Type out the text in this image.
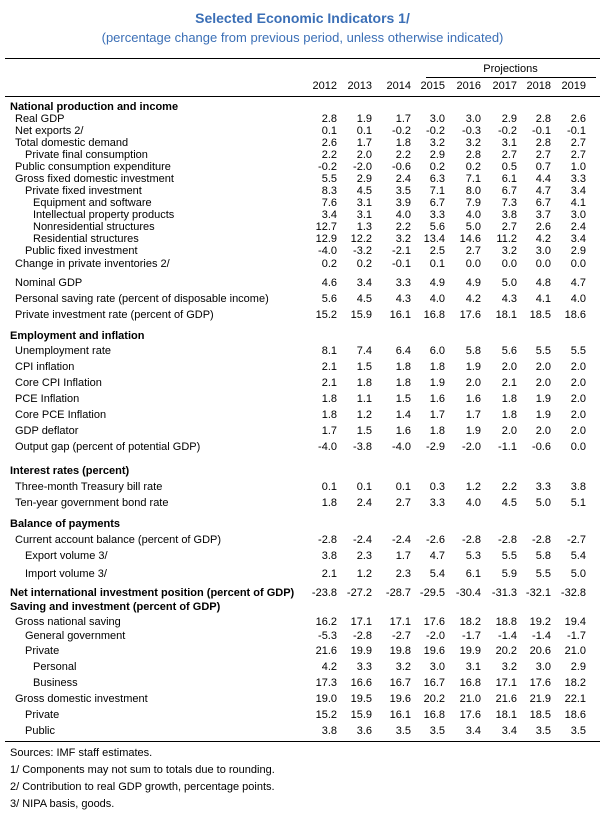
Selected Economic Indicators 1/
(percentage change from previous period, unless otherwise indicated)
Projections
2012 2013	2014 2015	2016	2017 2018 2019
National production and income
Real GDP	2.8	1.9	1.7	3.0	3.0	2.9	2.8	2.6
Net exports 2/	0.1	0.1	-0.2	-0.2	-0.3	-0.2	-0.1	-0.1
Total domestic demand	2.6	1.7	1.8	3.2	3.2	3.1	2.8	2.7
Private final consumption	2.2	2.0	2.2	2.9	2.8	2.7	2.7	2.7
Public consumption expenditure	-0.2	-2.0	-0.6	0.2	0.2	0.5	0.7	1.0
Gross fixed domestic investment	5.5	2.9	2.4	6.3	7.1	6.1	4.4	3.3
Private fixed investment	8.3	4.5	3.5	7.1	8.0	6.7	4.7	3.4
Equipment and software	7.6	3.1	3.9	6.7	7.9	7.3	6.7	4.1
Intellectual property products	3.4	3.1	4.0	3.3	4.0	3.8	3.7	3.0
Nonresidential structures	12.7	1.3	2.2	5.6	5.0	2.7	2.6	2.4
Residential structures	12.9	12.2	3.2	13.4	14.6	11.2	4.2	3.4
Public fixed investment	-4.0	-3.2	-2.1	2.5	2.7	3.2	3.0	2.9
Change in private inventories 2/	0.2	0.2	-0.1	0.1	0.0	0.0	0.0	0.0
Nominal GDP	4.6	3.4	3.3	4.9	4.9	5.0	4.8	4.7
Personal saving rate (percent of disposable income)	5.6	4.5	4.3	4.0	4.2	4.3	4.1	4.0
Private investment rate (percent of GDP)	15.2	15.9	16.1	16.8	17.6	18.1	18.5	18.6
Employment and inflation
Unemployment rate	8.1	7.4	6.4	6.0	5.8	5.6	5.5	5.5
CPI inflation	2.1	1.5	1.8	1.8	1.9	2.0	2.0	2.0
Core CPI Inflation	2.1	1.8	1.8	1.9	2.0	2.1	2.0	2.0
PCE Inflation	1.8	1.1	1.5	1.6	1.6	1.8	1.9	2.0
Core PCE Inflation	1.8	1.2	1.4	1.7	1.7	1.8	1.9	2.0
GDP deflator	1.7	1.5	1.6	1.8	1.9	2.0	2.0	2.0
Output gap (percent of potential GDP)	-4.0	-3.8	-4.0	-2.9	-2.0	-1.1	-0.6	0.0
Interest rates (percent)
Three-month Treasury bill rate	0.1	0.1	0.1	0.3	1.2	2.2	3.3	3.8
Ten-year government bond rate	1.8	2.4	2.7	3.3	4.0	4.5	5.0	5.1
Balance of payments
Current account balance (percent of GDP)	-2.8	-2.4	-2.4	-2.6	-2.8	-2.8	-2.8	-2.7
Export volume 3/	3.8	2.3	1.7	4.7	5.3	5.5	5.8	5.4
Import volume 3/	2.1	1.2	2.3	5.4	6.1	5.9	5.5	5.0
Net international investment position (percent of GDP)	-23.8 -27.2	-28.7 -29.5 -30.4 -31.3 -32.1 -32.8
Saving and investment (percent of GDP)
Gross national saving	16.2	17.1	17.1	17.6	18.2	18.8	19.2	19.4
General government	-5.3	-2.8	-2.7	-2.0	-1.7	-1.4	-1.4	-1.7
Private	21.6	19.9	19.8	19.6	19.9	20.2	20.6	21.0
Personal	4.2	3.3	3.2	3.0	3.1	3.2	3.0	2.9
Business	17.3	16.6	16.7	16.7	16.8	17.1	17.6	18.2
Gross domestic investment	19.0	19.5	19.6	20.2	21.0	21.6	21.9	22.1
Private	15.2	15.9	16.1	16.8	17.6	18.1	18.5	18.6
Public	3.8	3.6	3.5	3.5	3.4	3.4	3.5	3.5
Sources: IMF staff estimates.
1/ Components may not sum to totals due to rounding.
2/ Contribution to real GDP growth, percentage points.
3/ NIPA basis, goods.
